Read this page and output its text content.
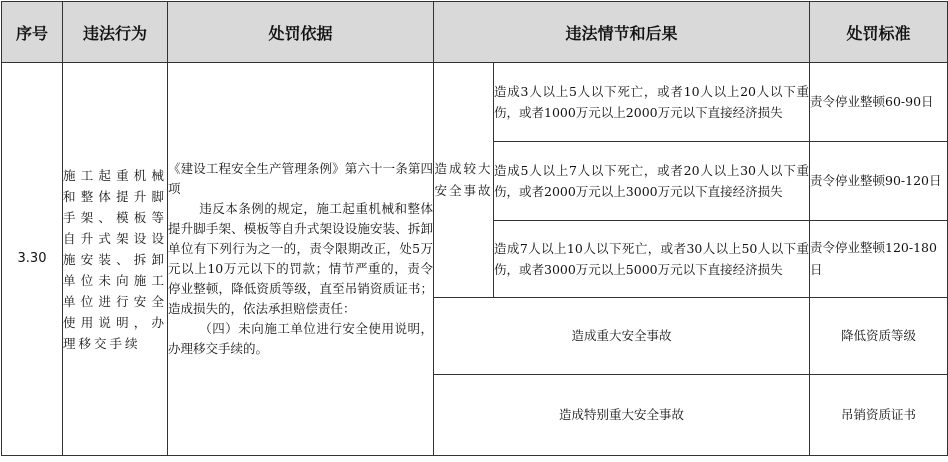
序号	违法行为	处罚依据	违法情节和后果		处罚标准
3.30	施工起重机械和整体提升脚手架、模板等自升式架设设施安装、拆卸单位未向施工单位进行安全使用说明，办理移交手续	《建设工程安全生产管理条例》第六十一条第四项

违反本条例的规定，施工起重机械和整体提升脚手架、模板等自升式架设设施安装、拆卸单位有下列行为之一的，责令限期改正，处5万元以上10万元以下的罚款；情节严重的，责令停业整顿，降低资质等级，直至吊销资质证书；造成损失的，依法承担赔偿责任：

（四）未向施工单位进行安全使用说明，办理移交手续的。	造成较大安全事故	造成3人以上5人以下死亡，或者10人以上20人以下重伤，或者1000万元以上2000万元以下直接经济损失	责令停业整顿60-90日
				造成5人以上7人以下死亡，或者20人以上30人以下重伤，或者2000万元以上3000万元以下直接经济损失	责令停业整顿90-120日
				造成7人以上10人以下死亡，或者30人以上50人以下重伤，或者3000万元以上5000万元以下直接经济损失	责令停业整顿120-180日
			造成重大安全事故		降低资质等级
			造成特别重大安全事故		吊销资质证书
